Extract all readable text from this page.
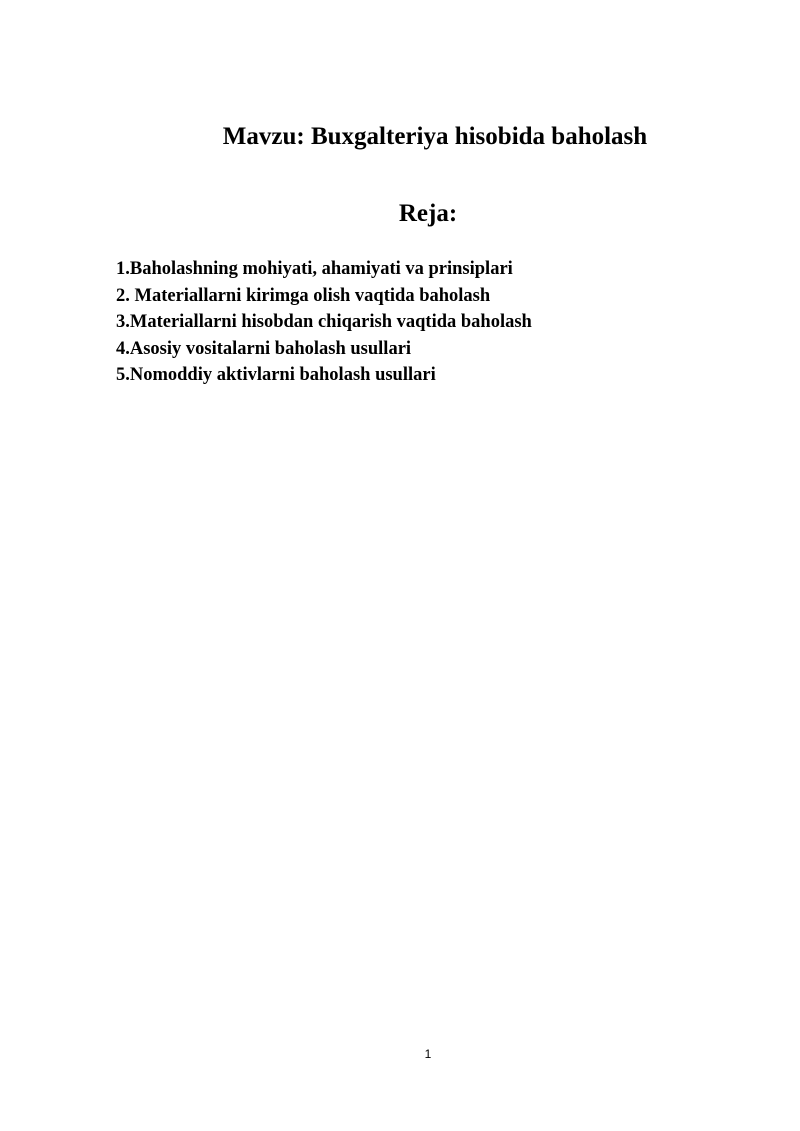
Mavzu: Buxgalteriya hisobida baholash
Reja:
1.Baholashning mohiyati, ahamiyati va prinsiplari
2. Materiallarni kirimga olish vaqtida baholash
3.Materiallarni hisobdan chiqarish vaqtida baholash
4.Asosiy vositalarni baholash usullari
5.Nomoddiy aktivlarni baholash usullari
1
